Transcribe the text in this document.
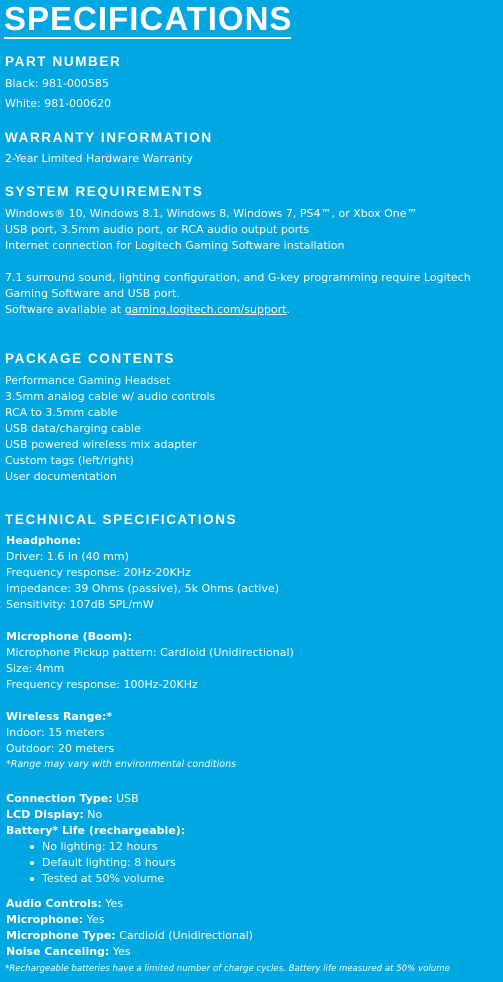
SPECIFICATIONS
PART NUMBER
Black: 981-000585
White: 981-000620
WARRANTY INFORMATION
2-Year Limited Hardware Warranty
SYSTEM REQUIREMENTS
Windows® 10, Windows 8.1, Windows 8, Windows 7, PS4™, or Xbox One™
USB port, 3.5mm audio port, or RCA audio output ports
Internet connection for Logitech Gaming Software installation
7.1 surround sound, lighting configuration, and G-key programming require Logitech
Gaming Software and USB port.
Software available at gaming.logitech.com/support.
PACKAGE CONTENTS
Performance Gaming Headset
3.5mm analog cable w/ audio controls
RCA to 3.5mm cable
USB data/charging cable
USB powered wireless mix adapter
Custom tags (left/right)
User documentation
TECHNICAL SPECIFICATIONS
Headphone:
Driver: 1.6 in (40 mm)
Frequency response: 20Hz-20KHz
Impedance: 39 Ohms (passive), 5k Ohms (active)
Sensitivity: 107dB SPL/mW
Microphone (Boom):
Microphone Pickup pattern: Cardioid (Unidirectional)
Size: 4mm
Frequency response: 100Hz-20KHz
Wireless Range:*
Indoor: 15 meters
Outdoor: 20 meters
*Range may vary with environmental conditions
Connection Type: USB
LCD Display: No
Battery* Life (rechargeable):
No lighting: 12 hours
Default lighting: 8 hours
Tested at 50% volume
Audio Controls: Yes
Microphone: Yes
Microphone Type: Cardioid (Unidirectional)
Noise Canceling: Yes
*Rechargeable batteries have a limited number of charge cycles. Battery life measured at 50% volume
